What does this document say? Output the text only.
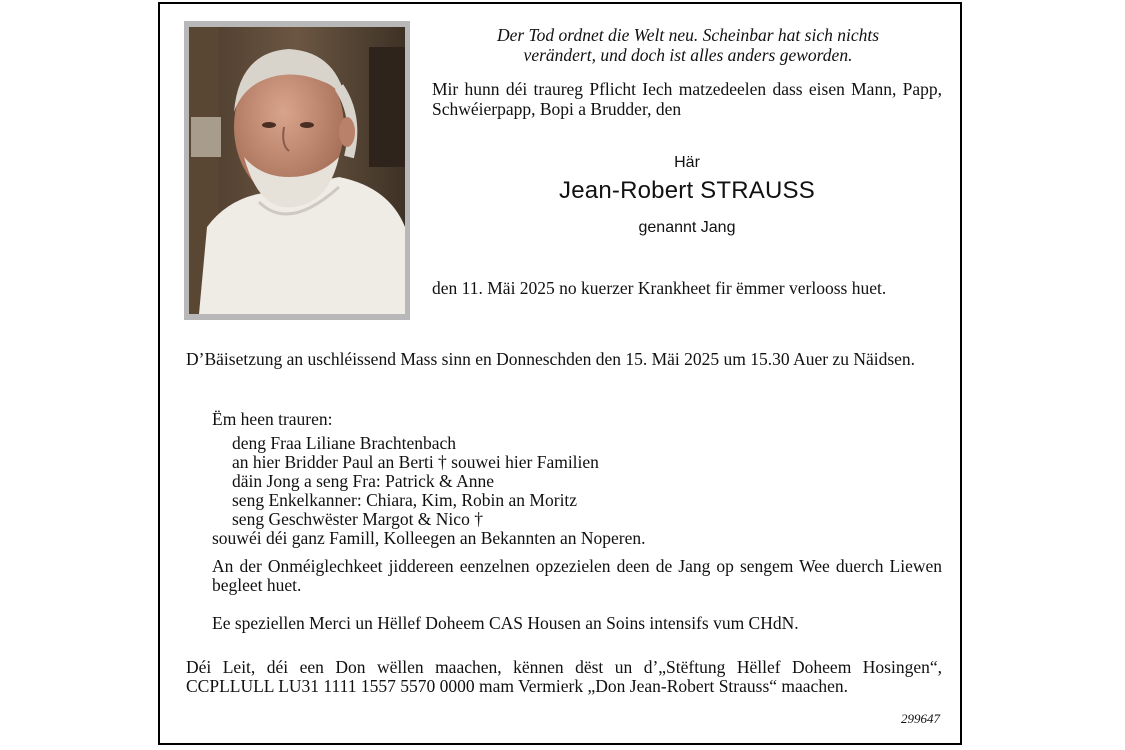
Der Tod ordnet die Welt neu. Scheinbar hat sich nichts
verändert, und doch ist alles anders geworden.
Mir hunn déi traureg Pflicht Iech matzedeelen dass eisen Mann, Papp, Schwéierpapp, Bopi a Brudder, den
Här
Jean-Robert STRAUSS
genannt Jang
den 11. Mäi 2025 no kuerzer Krankheet fir ëmmer verlooss huet.
D’Bäisetzung an uschléissend Mass sinn en Donneschden den 15. Mäi 2025 um 15.30 Auer zu Näidsen.
Ëm heen trauren:
deng Fraa Liliane Brachtenbach
an hier Bridder Paul an Berti † souwei hier Familien
däin Jong a seng Fra: Patrick & Anne
seng Enkelkanner: Chiara, Kim, Robin an Moritz
seng Geschwëster Margot & Nico †
souwéi déi ganz Famill, Kolleegen an Bekannten an Noperen.
An der Onméiglechkeet jiddereen eenzelnen opzezielen deen de Jang op sengem Wee duerch Liewen begleet huet.
Ee speziellen Merci un Hëllef Doheem CAS Housen an Soins intensifs vum CHdN.
Déi Leit, déi een Don wëllen maachen, kënnen dëst un d’„Stëftung Hëllef Doheem Hosingen“, CCPLLULL LU31 1111 1557 5570 0000 mam Vermierk „Don Jean-Robert Strauss“ maachen.
299647
